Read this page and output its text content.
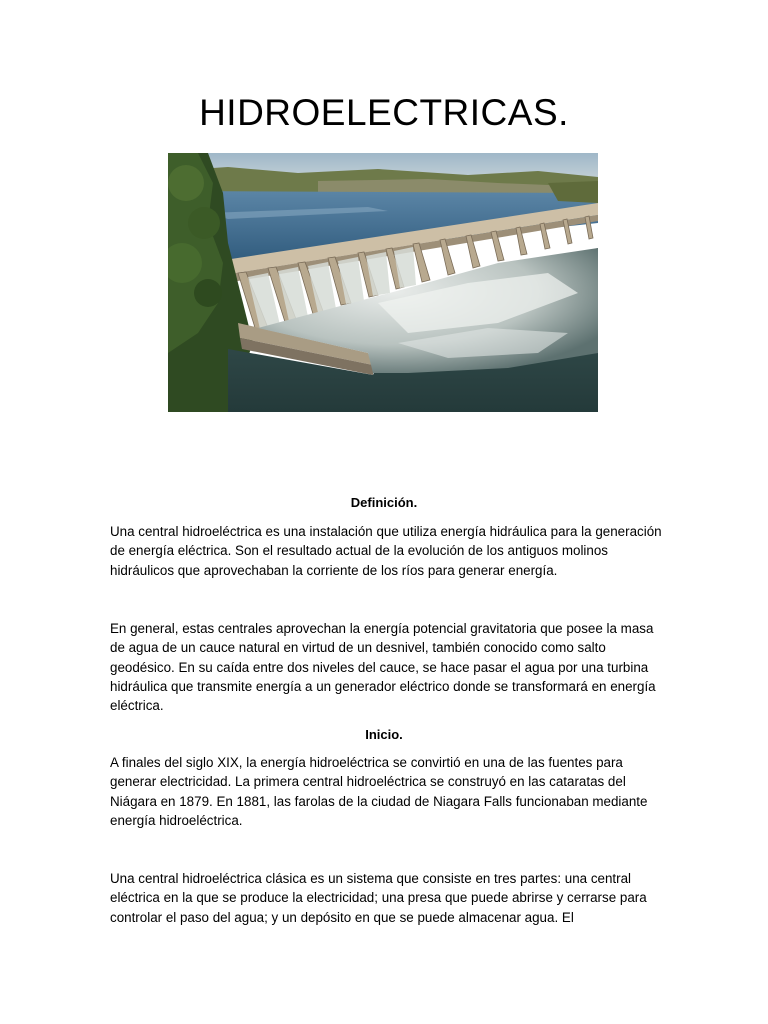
HIDROELECTRICAS.
Definición.

Una central hidroeléctrica es una instalación que utiliza energía hidráulica para la generación de energía eléctrica. Son el resultado actual de la evolución de los antiguos molinos hidráulicos que aprovechaban la corriente de los ríos para generar energía.

En general, estas centrales aprovechan la energía potencial gravitatoria que posee la masa de agua de un cauce natural en virtud de un desnivel, también conocido como salto geodésico. En su caída entre dos niveles del cauce, se hace pasar el agua por una turbina hidráulica que transmite energía a un generador eléctrico donde se transformará en energía eléctrica.

Inicio.

A finales del siglo XIX, la energía hidroeléctrica se convirtió en una de las fuentes para generar electricidad. La primera central hidroeléctrica se construyó en las cataratas del Niágara en 1879. En 1881, las farolas de la ciudad de Niagara Falls funcionaban mediante energía hidroeléctrica.

Una central hidroeléctrica clásica es un sistema que consiste en tres partes: una central eléctrica en la que se produce la electricidad; una presa que puede abrirse y cerrarse para controlar el paso del agua; y un depósito en que se puede almacenar agua. El
